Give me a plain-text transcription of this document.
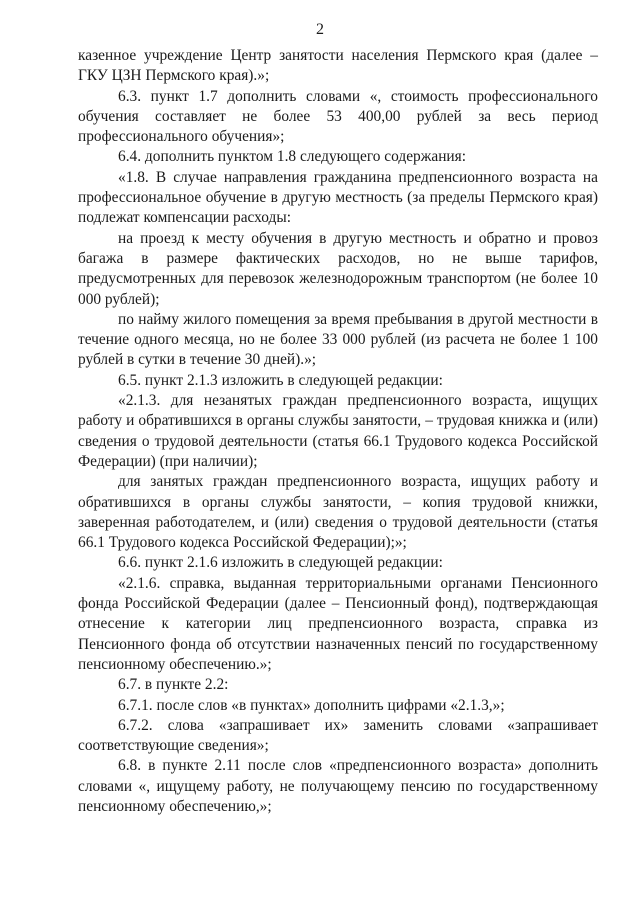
2

казенное учреждение Центр занятости населения Пермского края (далее – ГКУ ЦЗН Пермского края).»;

6.3. пункт 1.7 дополнить словами «, стоимость профессионального обучения составляет не более 53 400,00 рублей за весь период профессионального обучения»;

6.4. дополнить пунктом 1.8 следующего содержания:

«1.8. В случае направления гражданина предпенсионного возраста на профессиональное обучение в другую местность (за пределы Пермского края) подлежат компенсации расходы:

на проезд к месту обучения в другую местность и обратно и провоз багажа в размере фактических расходов, но не выше тарифов, предусмотренных для перевозок железнодорожным транспортом (не более 10 000 рублей);

по найму жилого помещения за время пребывания в другой местности в течение одного месяца, но не более 33 000 рублей (из расчета не более 1 100 рублей в сутки в течение 30 дней).»;

6.5. пункт 2.1.3 изложить в следующей редакции:

«2.1.3. для незанятых граждан предпенсионного возраста, ищущих работу и обратившихся в органы службы занятости, – трудовая книжка и (или) сведения о трудовой деятельности (статья 66.1 Трудового кодекса Российской Федерации) (при наличии);

для занятых граждан предпенсионного возраста, ищущих работу и обратившихся в органы службы занятости, – копия трудовой книжки, заверенная работодателем, и (или) сведения о трудовой деятельности (статья 66.1 Трудового кодекса Российской Федерации);»;

6.6. пункт 2.1.6 изложить в следующей редакции:

«2.1.6. справка, выданная территориальными органами Пенсионного фонда Российской Федерации (далее – Пенсионный фонд), подтверждающая отнесение к категории лиц предпенсионного возраста, справка из Пенсионного фонда об отсутствии назначенных пенсий по государственному пенсионному обеспечению.»;

6.7. в пункте 2.2:

6.7.1. после слов «в пунктах» дополнить цифрами «2.1.3,»;

6.7.2. слова «запрашивает их» заменить словами «запрашивает соответствующие сведения»;

6.8. в пункте 2.11 после слов «предпенсионного возраста» дополнить словами «, ищущему работу, не получающему пенсию по государственному пенсионному обеспечению,»;
